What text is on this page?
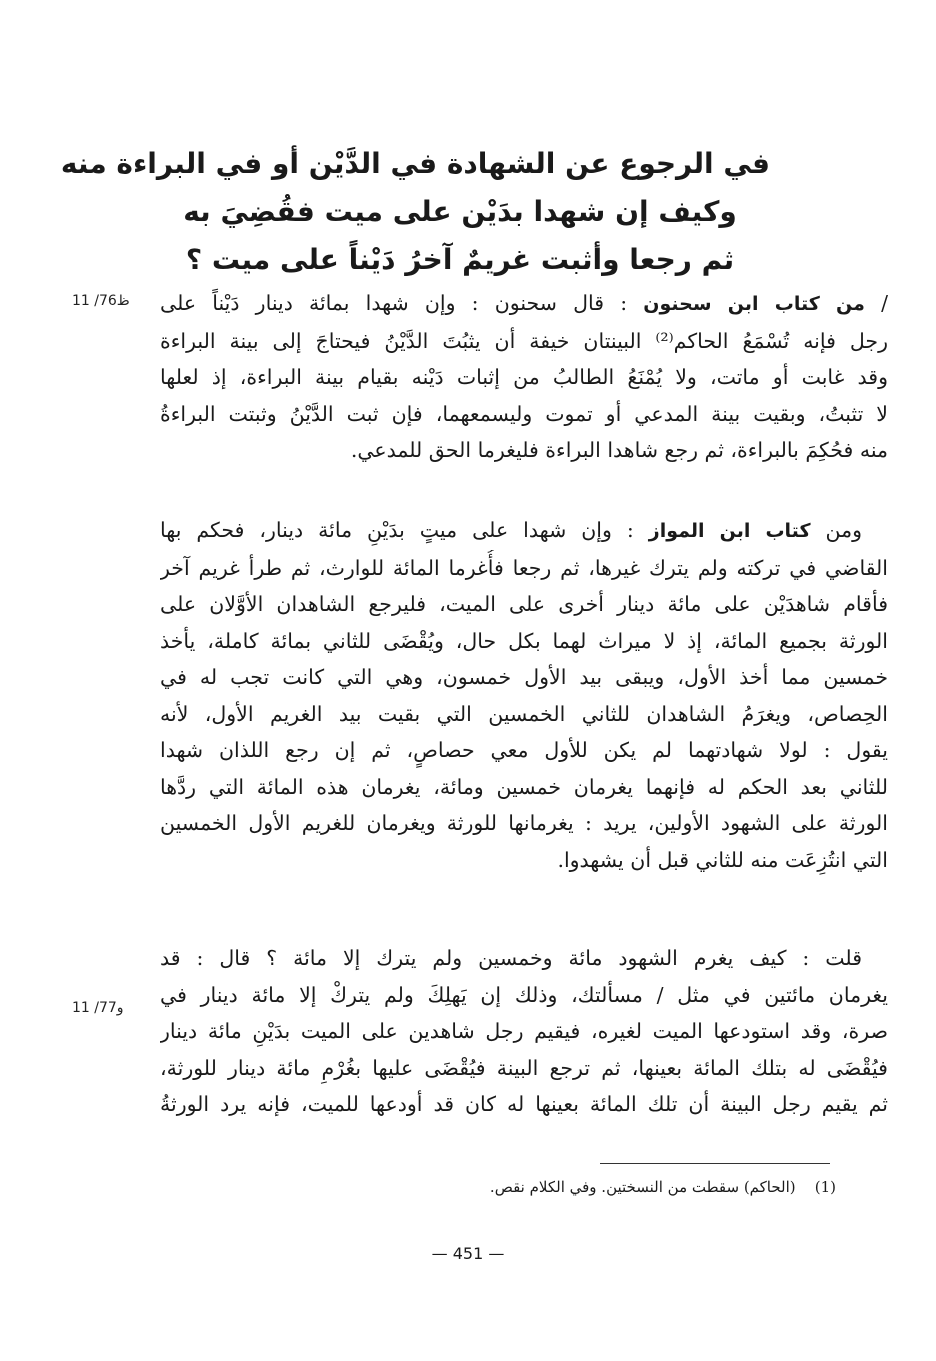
في الرجوع عن الشهادة في الدَّيْن أو في البراءة منه
وكيف إن شهدا بدَيْن على ميت فقُضِيَ به
ثم رجعا وأثبت غريمٌ آخرُ دَيْناً على ميت ؟
11 /76ظ
11 /77و
/ من كتاب ابن سحنون : قال سحنون : وإن شهدا بمائة دينار دَيْناً على
رجل فإنه تُسْمَعُ الحاكم⁽²⁾ البينتان خيفة أن يثبُتَ الدَّيْنُ فيحتاجَ إلى بينة البراءة
وقد غابت أو ماتت، ولا يُمْنَعُ الطالبُ من إثبات دَيْنه بقيام بينة البراءة، إذ لعلها
لا تثبتُ، وبقيت بينة المدعي أو تموت وليسمعهما، فإن ثبت الدَّيْنُ وثبتت البراءةُ
منه فحُكِمَ بالبراءة، ثم رجع شاهدا البراءة فليغرما الحق للمدعي.
ومن كتاب ابن المواز : وإن شهدا على ميتٍ بدَيْنِ مائة دينار، فحكم بها
القاضي في تركته ولم يترك غيرها، ثم رجعا فأُغرما المائة للوارث، ثم طرأ غريم آخر
فأقام شاهدَيْن على مائة دينار أخرى على الميت، فليرجع الشاهدان الأوَّلان على
الورثة بجميع المائة، إذ لا ميراث لهما بكل حال، ويُقْضَى للثاني بمائة كاملة، يأخذ
خمسين مما أخذ الأول، ويبقى بيد الأول خمسون، وهي التي كانت تجب له في
الحِصاص، ويغرَمُ الشاهدان للثاني الخمسين التي بقيت بيد الغريم الأول، لأنه
يقول : لولا شهادتهما لم يكن للأول معي حصاصٍ، ثم إن رجع اللذان شهدا
للثاني بعد الحكم له فإنهما يغرمان خمسين ومائة، يغرمان هذه المائة التي ردَّها
الورثة على الشهود الأولين، يريد : يغرمانها للورثة ويغرمان للغريم الأول الخمسين
التي انتُزِعَت منه للثاني قبل أن يشهدوا.
قلت : كيف يغرم الشهود مائة وخمسين ولم يترك إلا مائة ؟ قال : قد
يغرمان مائتين في مثل / مسألتك، وذلك إن يَهلِكَ ولم يتركْ إلا مائة دينار في
صرة، وقد استودعها الميت لغيره، فيقيم رجل شاهدين على الميت بدَيْنِ مائة دينار
فيُقْضَى له بتلك المائة بعينها، ثم ترجع البينة فيُقْضَى عليها بغُرْمِ مائة دينار للورثة،
ثم يقيم رجل البينة أن تلك المائة بعينها له كان قد أودعها للميت، فإنه يرد الورثةُ
(1)    (الحاكم) سقطت من النسختين. وفي الكلام نقص.
— 451 —
